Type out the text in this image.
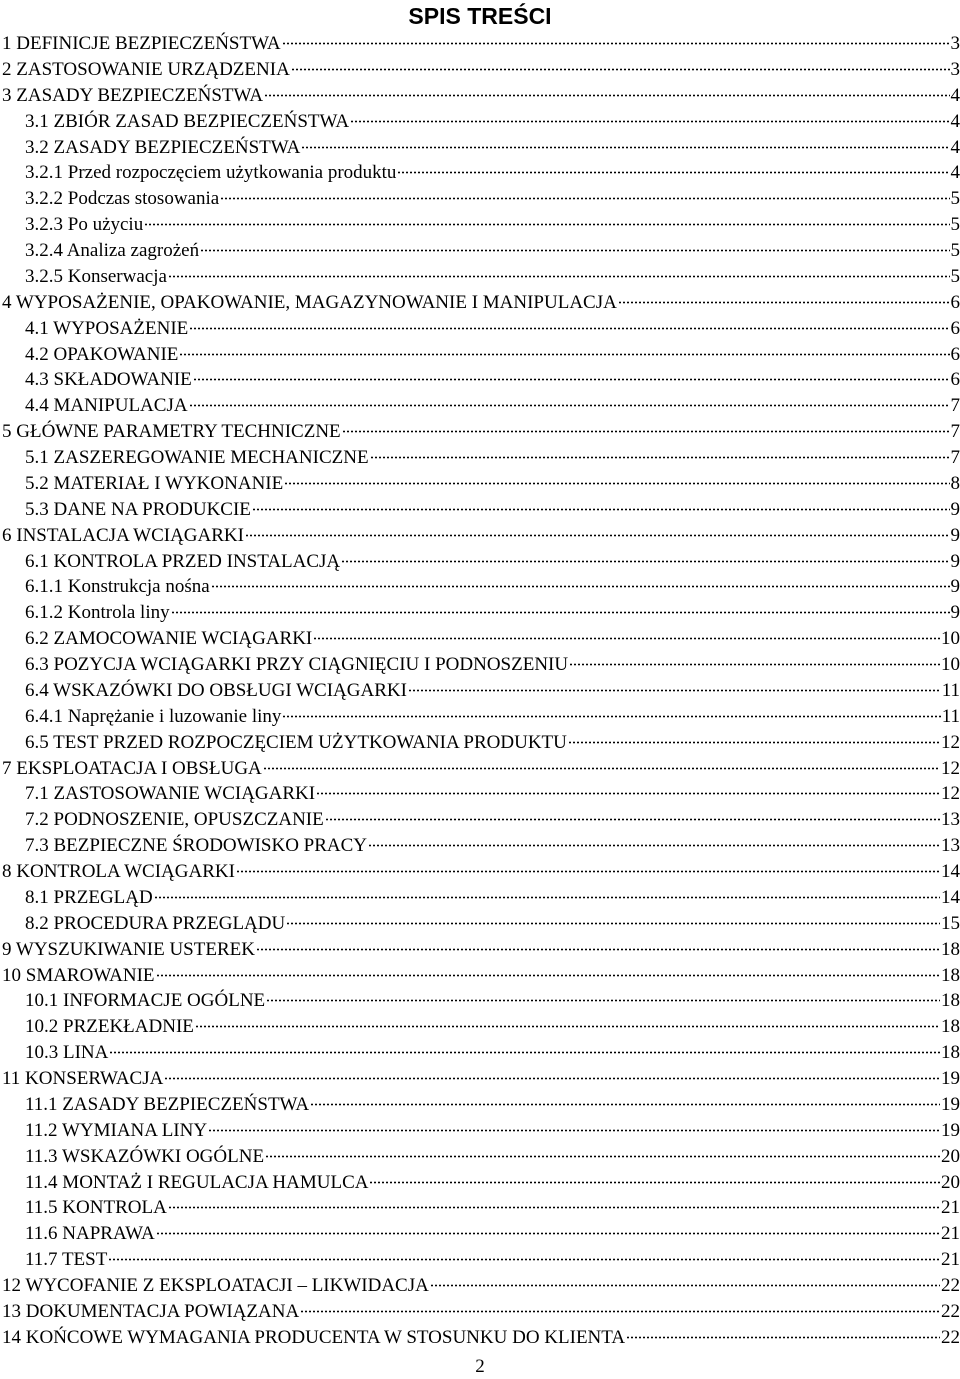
SPIS TREŚCI
1 DEFINICJE BEZPIECZEŃSTWA	3
2 ZASTOSOWANIE URZĄDZENIA	3
3 ZASADY BEZPIECZEŃSTWA	4
3.1 ZBIÓR ZASAD BEZPIECZEŃSTWA	4
3.2 ZASADY BEZPIECZEŃSTWA	4
3.2.1 Przed rozpoczęciem użytkowania produktu	4
3.2.2 Podczas stosowania	5
3.2.3 Po użyciu	5
3.2.4 Analiza zagrożeń	5
3.2.5 Konserwacja	5
4 WYPOSAŻENIE, OPAKOWANIE, MAGAZYNOWANIE I MANIPULACJA	6
4.1 WYPOSAŻENIE	6
4.2 OPAKOWANIE	6
4.3 SKŁADOWANIE	6
4.4 MANIPULACJA	7
5 GŁÓWNE PARAMETRY TECHNICZNE	7
5.1 ZASZEREGOWANIE MECHANICZNE	7
5.2 MATERIAŁ I WYKONANIE	8
5.3 DANE NA PRODUKCIE	9
6 INSTALACJA WCIĄGARKI	9
6.1 KONTROLA PRZED INSTALACJĄ	9
6.1.1 Konstrukcja nośna	9
6.1.2 Kontrola liny	9
6.2 ZAMOCOWANIE WCIĄGARKI	10
6.3 POZYCJA WCIĄGARKI PRZY CIĄGNIĘCIU I PODNOSZENIU	10
6.4 WSKAZÓWKI DO OBSŁUGI WCIĄGARKI	11
6.4.1 Naprężanie i luzowanie liny	11
6.5 TEST PRZED ROZPOCZĘCIEM UŻYTKOWANIA PRODUKTU	12
7 EKSPLOATACJA I OBSŁUGA	12
7.1 ZASTOSOWANIE WCIĄGARKI	12
7.2 PODNOSZENIE, OPUSZCZANIE	13
7.3 BEZPIECZNE ŚRODOWISKO PRACY	13
8 KONTROLA WCIĄGARKI	14
8.1 PRZEGLĄD	14
8.2 PROCEDURA PRZEGLĄDU	15
9 WYSZUKIWANIE USTEREK	18
10 SMAROWANIE	18
10.1 INFORMACJE OGÓLNE	18
10.2 PRZEKŁADNIE	18
10.3 LINA	18
11 KONSERWACJA	19
11.1 ZASADY BEZPIECZEŃSTWA	19
11.2 WYMIANA LINY	19
11.3 WSKAZÓWKI OGÓLNE	20
11.4 MONTAŻ I REGULACJA HAMULCA	20
11.5 KONTROLA	21
11.6 NAPRAWA	21
11.7 TEST	21
12 WYCOFANIE Z EKSPLOATACJI – LIKWIDACJA	22
13 DOKUMENTACJA POWIĄZANA	22
14 KOŃCOWE WYMAGANIA PRODUCENTA W STOSUNKU DO KLIENTA	22
2
